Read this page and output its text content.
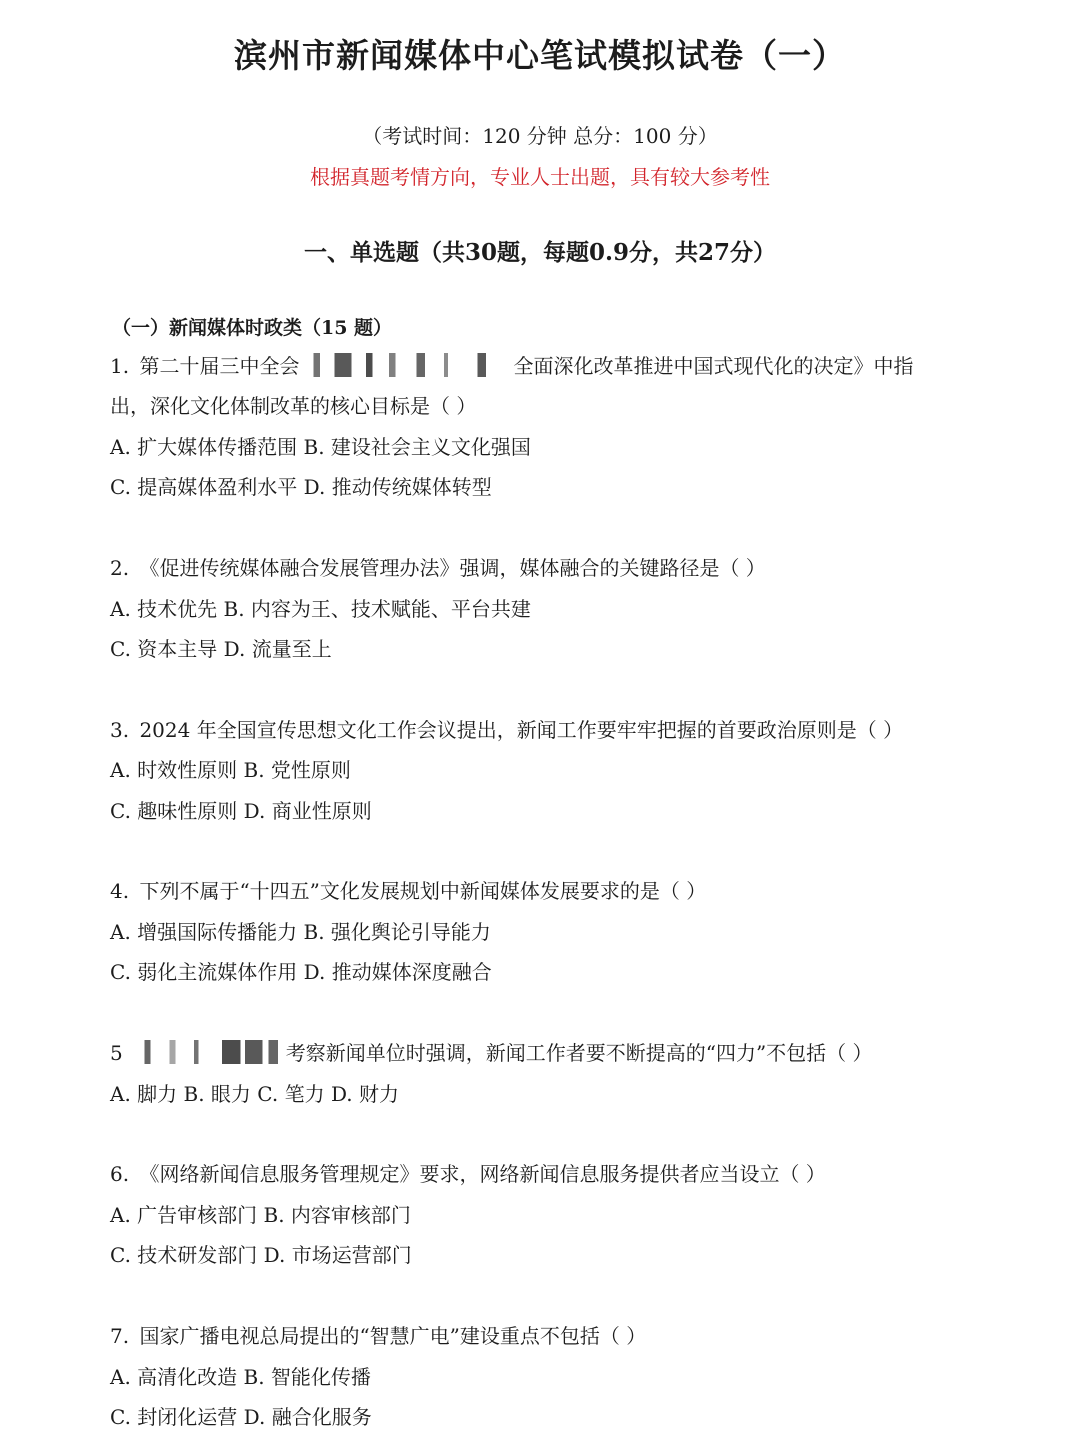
滨州市新闻媒体中心笔试模拟试卷（一）
（考试时间：120 分钟 总分：100 分）
根据真题考情方向，专业人士出题，具有较大参考性
一、单选题（共30题，每题0.9分，共27分）
（一）新闻媒体时政类（15 题）
1. 第二十届三中全会	全面深化改革推进中国式现代化的决定》中指
出，深化文化体制改革的核心目标是（ ）
A. 扩大媒体传播范围 B. 建设社会主义文化强国
C. 提高媒体盈利水平 D. 推动传统媒体转型
2. 《促进传统媒体融合发展管理办法》强调，媒体融合的关键路径是（ ）
A. 技术优先 B. 内容为王、技术赋能、平台共建
C. 资本主导 D. 流量至上
3. 2024 年全国宣传思想文化工作会议提出，新闻工作要牢牢把握的首要政治原则是（ ）
A. 时效性原则 B. 党性原则
C. 趣味性原则 D. 商业性原则
4. 下列不属于“十四五”文化发展规划中新闻媒体发展要求的是（ ）
A. 增强国际传播能力 B. 强化舆论引导能力
C. 弱化主流媒体作用 D. 推动媒体深度融合
5	考察新闻单位时强调，新闻工作者要不断提高的“四力”不包括（ ）
A. 脚力 B. 眼力 C. 笔力 D. 财力
6. 《网络新闻信息服务管理规定》要求，网络新闻信息服务提供者应当设立（ ）
A. 广告审核部门 B. 内容审核部门
C. 技术研发部门 D. 市场运营部门
7. 国家广播电视总局提出的“智慧广电”建设重点不包括（ ）
A. 高清化改造 B. 智能化传播
C. 封闭化运营 D. 融合化服务
